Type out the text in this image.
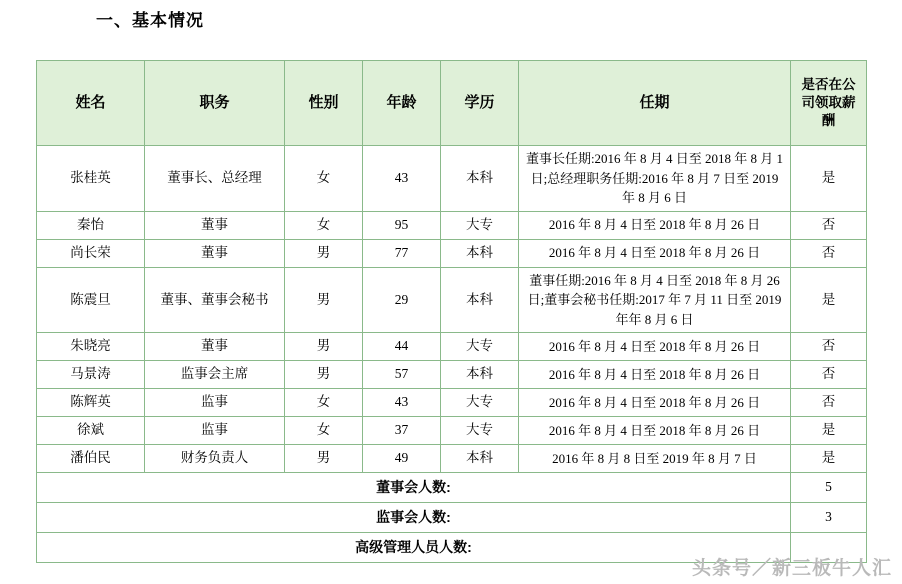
一、基本情况
姓名	职务	性别	年龄	学历	任期	是否在公司领取薪酬
张桂英	董事长、总经理	女	43	本科	董事长任期:2016 年 8 月 4 日至 2018 年 8 月 1 日;总经理职务任期:2016 年 8 月 7 日至 2019 年 8 月 6 日	是
秦怡	董事	女	95	大专	2016 年 8 月 4 日至 2018 年 8 月 26 日	否
尚长荣	董事	男	77	本科	2016 年 8 月 4 日至 2018 年 8 月 26 日	否
陈震旦	董事、董事会秘书	男	29	本科	董事任期:2016 年 8 月 4 日至 2018 年 8 月 26 日;董事会秘书任期:2017 年 7 月 11 日至 2019 年年 8 月 6 日	是
朱晓亮	董事	男	44	大专	2016 年 8 月 4 日至 2018 年 8 月 26 日	否
马景涛	监事会主席	男	57	本科	2016 年 8 月 4 日至 2018 年 8 月 26 日	否
陈辉英	监事	女	43	大专	2016 年 8 月 4 日至 2018 年 8 月 26 日	否
徐斌	监事	女	37	大专	2016 年 8 月 4 日至 2018 年 8 月 26 日	是
潘伯民	财务负责人	男	49	本科	2016 年 8 月 8 日至 2019 年 8 月 7 日	是
董事会人数:						5
监事会人数:						3
高级管理人员人数:						
头条号／新三板牛人汇
